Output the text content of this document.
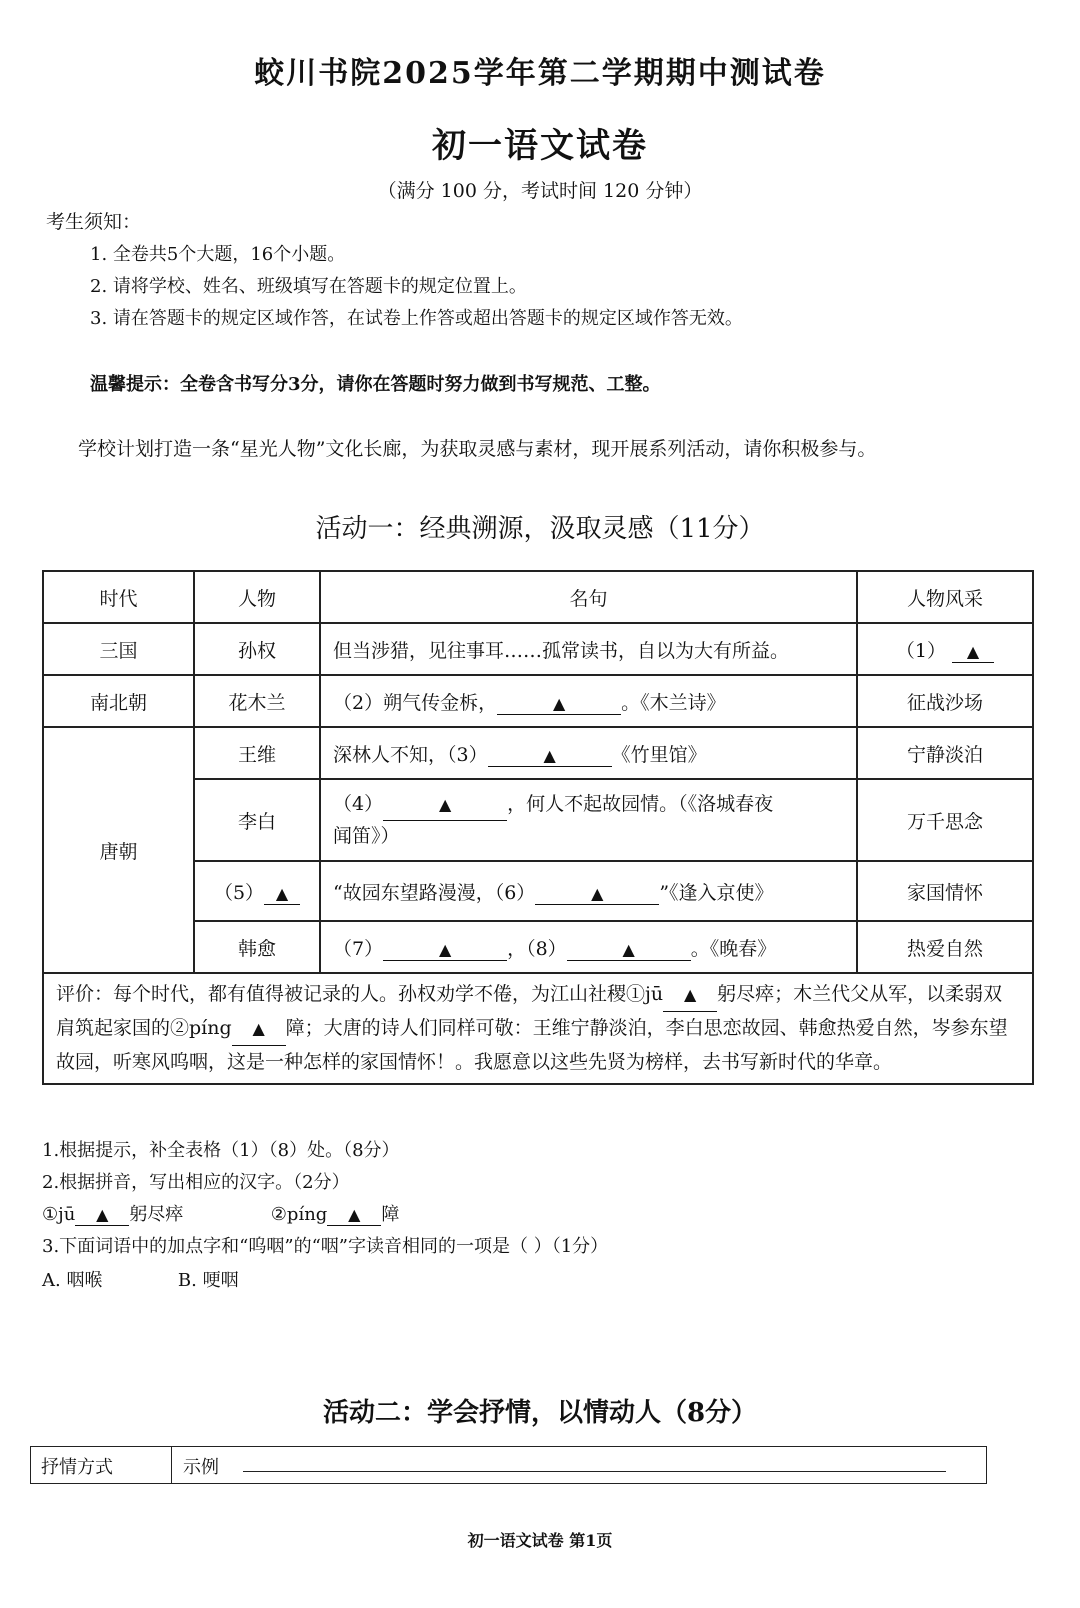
蛟川书院2025学年第二学期期中测试卷
初一语文试卷
（满分 100 分，考试时间 120 分钟）
考生须知：
1. 全卷共5个大题，16个小题。
2. 请将学校、姓名、班级填写在答题卡的规定位置上。
3. 请在答题卡的规定区域作答，在试卷上作答或超出答题卡的规定区域作答无效。
温馨提示：全卷含书写分3分，请你在答题时努力做到书写规范、工整。
学校计划打造一条“星光人物”文化长廊，为获取灵感与素材，现开展系列活动，请你积极参与。
活动一：经典溯源，汲取灵感（11分）
时代	人物	名句	人物风采
三国	孙权	但当涉猎，见往事耳……孤常读书，自以为大有所益。	（1） ▲
南北朝	花木兰	（2）朔气传金柝， ▲ 。《木兰诗》	征战沙场
唐朝	王维	深林人不知，（3） ▲ 《竹里馆》	宁静淡泊
	李白	（4） ▲ ，何人不起故园情。（《洛城春夜
闻笛》）	万千思念
	（5） ▲	“故园东望路漫漫，（6） ▲ ”《逢入京使》	家国情怀
	韩愈	（7） ▲ ，（8） ▲ 。《晚春》	热爱自然
评价：每个时代，都有值得被记录的人。孙权劝学不倦，为江山社稷①jū ▲ 躬尽瘁；木兰代父从军，以柔弱双肩筑起家国的②píng ▲ 障；大唐的诗人们同样可敬：王维宁静淡泊，李白思恋故园、韩愈热爱自然，岑参东望故园，听寒风呜咽，这是一种怎样的家国情怀！。我愿意以这些先贤为榜样，去书写新时代的华章。			
1.根据提示，补全表格（1）（8）处。（8分）
2.根据拼音，写出相应的汉字。（2分）
①jū ▲ 躬尽瘁	②píng ▲ 障
3.下面词语中的加点字和“呜咽”的“咽”字读音相同的一项是（ ）（1分）
A. 咽喉	B. 哽咽
活动二：学会抒情，以情动人（8分）
抒情方式	示例
初一语文试卷 第1页
